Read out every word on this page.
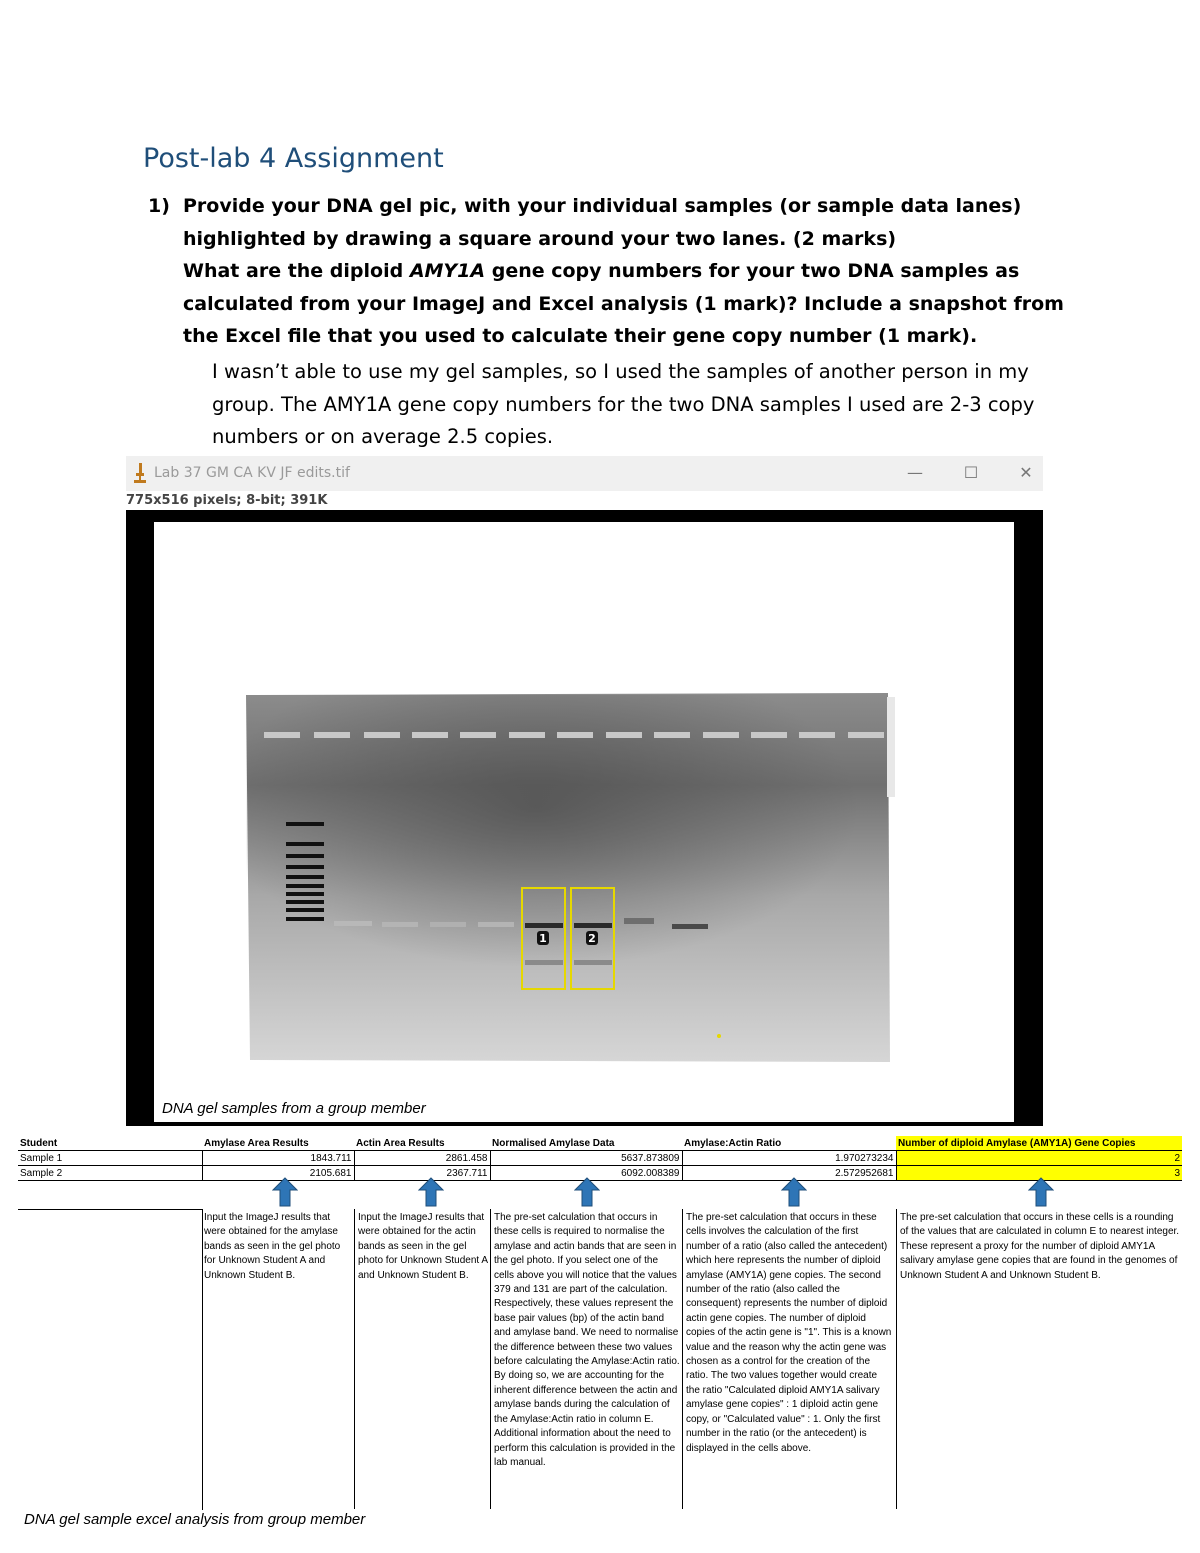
Post-lab 4 Assignment
1) Provide your DNA gel pic, with your individual samples (or sample data lanes)
highlighted by drawing a square around your two lanes. (2 marks)
What are the diploid AMY1A gene copy numbers for your two DNA samples as
calculated from your ImageJ and Excel analysis (1 mark)? Include a snapshot from
the Excel file that you used to calculate their gene copy number (1 mark).
I wasn’t able to use my gel samples, so I used the samples of another person in my
group. The AMY1A gene copy numbers for the two DNA samples I used are 2-3 copy
numbers or on average 2.5 copies.
Lab 37 GM CA KV JF edits.tif	—	☐	✕
775x516 pixels; 8-bit; 391K
1	2
DNA gel samples from a group member
Student	Amylase Area Results	Actin Area Results	Normalised Amylase Data	Amylase:Actin Ratio	Number of diploid Amylase (AMY1A) Gene Copies
Sample 1	1843.711	2861.458	5637.873809	1.970273234	2
Sample 2	2105.681	2367.711	6092.008389	2.572952681	3
Input the ImageJ results that were obtained for the amylase bands as seen in the gel photo for Unknown Student A and Unknown Student B.
Input the ImageJ results that were obtained for the actin bands as seen in the gel photo for Unknown Student A and Unknown Student B.
The pre-set calculation that occurs in these cells is required to normalise the amylase and actin bands that are seen in the gel photo. If you select one of the cells above you will notice that the values 379 and 131 are part of the calculation. Respectively, these values represent the base pair values (bp) of the actin band and amylase band. We need to normalise the difference between these two values before calculating the Amylase:Actin ratio. By doing so, we are accounting for the inherent difference between the actin and amylase bands during the calculation of the Amylase:Actin ratio in column E. Additional information about the need to perform this calculation is provided in the lab manual.
The pre-set calculation that occurs in these cells involves the calculation of the first number of a ratio (also called the antecedent) which here represents the number of diploid amylase (AMY1A) gene copies. The second number of the ratio (also called the consequent) represents the number of diploid actin gene copies. The number of diploid copies of the actin gene is "1". This is a known value and the reason why the actin gene was chosen as a control for the creation of the ratio. The two values together would create the ratio "Calculated diploid AMY1A salivary amylase gene copies" : 1 diploid actin gene copy, or "Calculated value" : 1. Only the first number in the ratio (or the antecedent) is displayed in the cells above.
The pre-set calculation that occurs in these cells is a rounding of the values that are calculated in column E to nearest integer. These represent a proxy for the number of diploid AMY1A salivary amylase gene copies that are found in the genomes of Unknown Student A and Unknown Student B.
DNA gel sample excel analysis from group member
